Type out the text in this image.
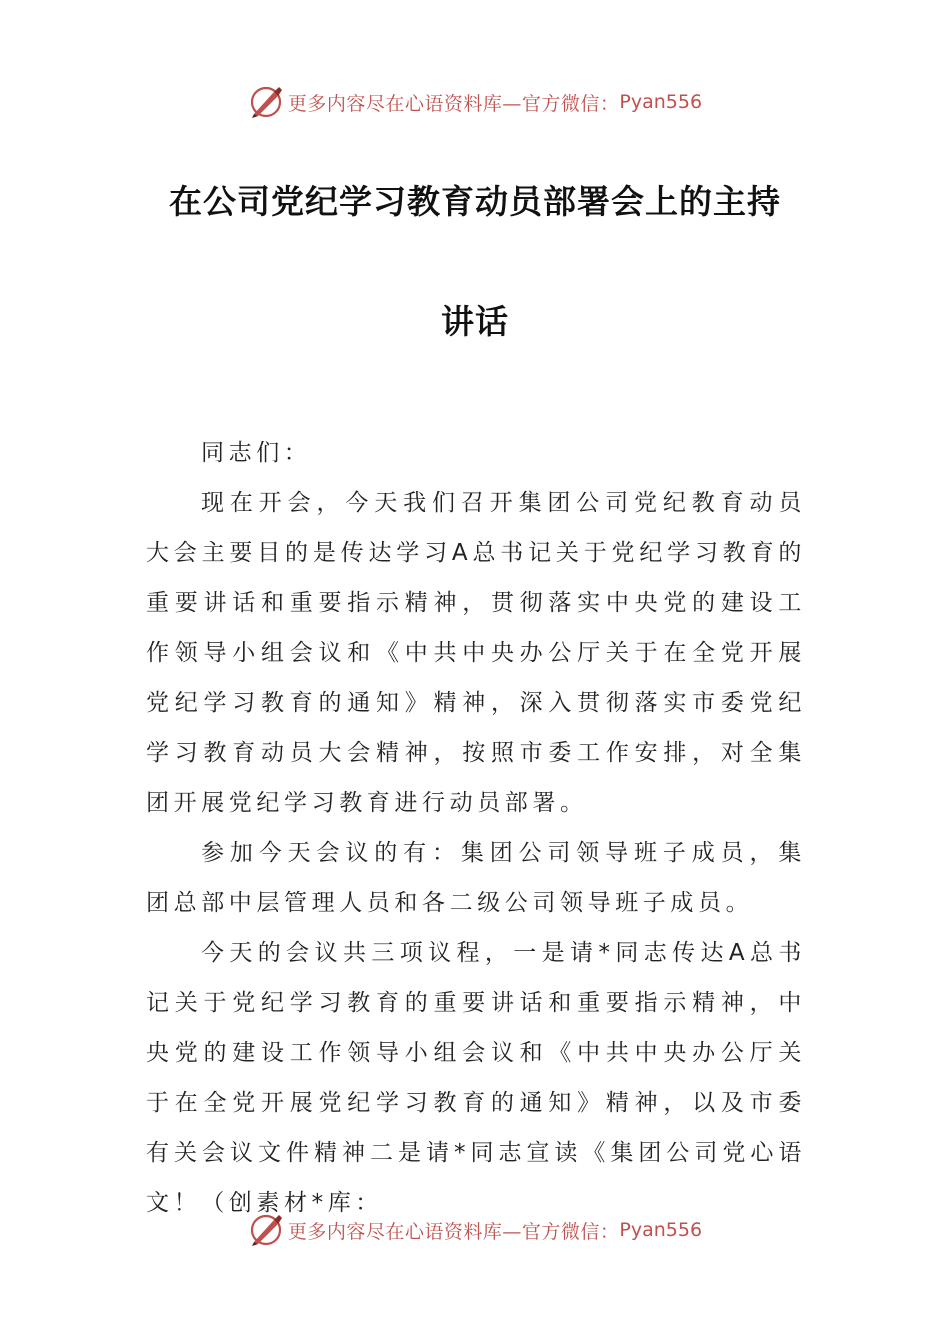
更多内容尽在心语资料库—官方微信： Pyan556
在公司党纪学习教育动员部署会上的主持
讲话

同志们：

现在开会，今天我们召开集团公司党纪教育动员大会主要目的是传达学习A总书记关于党纪学习教育的重要讲话和重要指示精神，贯彻落实中央党的建设工作领导小组会议和《中共中央办公厅关于在全党开展党纪学习教育的通知》精神，深入贯彻落实市委党纪学习教育动员大会精神，按照市委工作安排，对全集团开展党纪学习教育进行动员部署。

参加今天会议的有：集团公司领导班子成员，集团总部中层管理人员和各二级公司领导班子成员。

今天的会议共三项议程，一是请*同志传达A总书记关于党纪学习教育的重要讲话和重要指示精神，中央党的建设工作领导小组会议和《中共中央办公厅关于在全党开展党纪学习教育的通知》精神，以及市委有关会议文件精神二是请*同志宣读《集团公司党心语文！（创素材*库：

更多内容尽在心语资料库—官方微信： Pyan556
